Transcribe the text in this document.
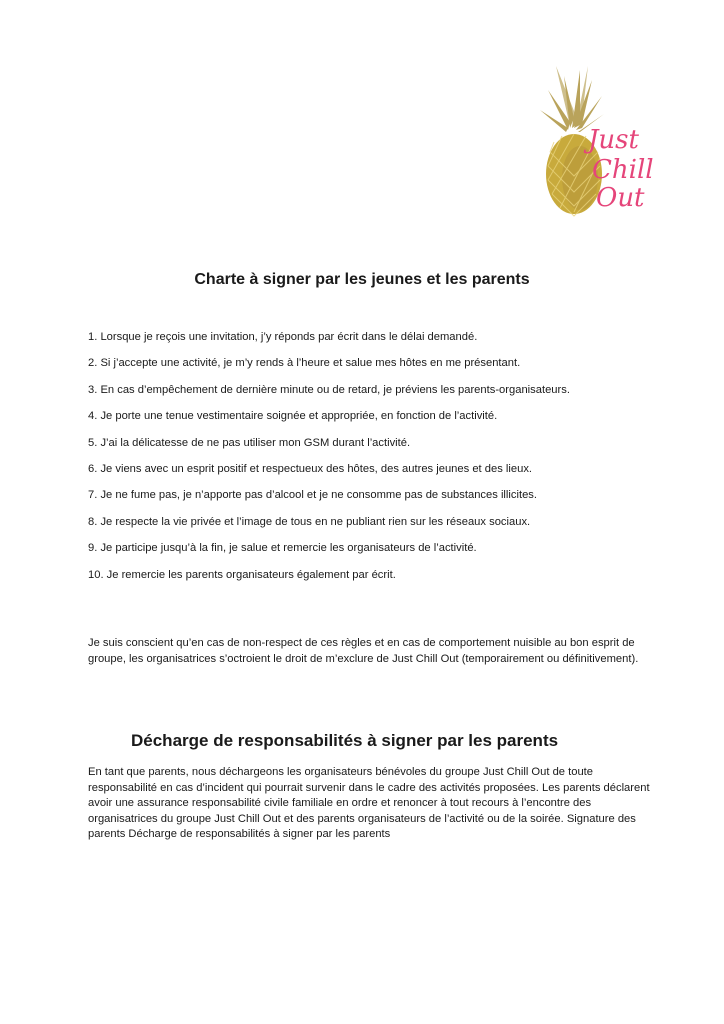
Just
Chill
Out
Charte à signer par les jeunes et les parents
1. Lorsque je reçois une invitation, j’y réponds par écrit dans le délai demandé.
2. Si j’accepte une activité, je m’y rends à l’heure et salue mes hôtes en me présentant.
3. En cas d’empêchement de dernière minute ou de retard, je préviens les parents-organisateurs.
4. Je porte une tenue vestimentaire soignée et appropriée, en fonction de l’activité.
5. J’ai la délicatesse de ne pas utiliser mon GSM durant l’activité.
6. Je viens avec un esprit positif et respectueux des hôtes, des autres jeunes et des lieux.
7. Je ne fume pas, je n’apporte pas d’alcool et je ne consomme pas de substances illicites.
8. Je respecte la vie privée et l’image de tous en ne publiant rien sur les réseaux sociaux.
9. Je participe jusqu’à la fin, je salue et remercie les organisateurs de l’activité.
10. Je remercie les parents organisateurs également par écrit.

Je suis conscient qu’en cas de non-respect de ces règles et en cas de comportement nuisible au bon esprit de groupe, les organisatrices s’octroient le droit de m’exclure de Just Chill Out (temporairement ou définitivement).

Décharge de responsabilités à signer par les parents

En tant que parents, nous déchargeons les organisateurs bénévoles du groupe Just Chill Out de toute responsabilité en cas d’incident qui pourrait survenir dans le cadre des activités proposées. Les parents déclarent avoir une assurance responsabilité civile familiale en ordre et renoncer à tout recours à l’encontre des organisatrices du groupe Just Chill Out et des parents organisateurs de l’activité ou de la soirée. Signature des parents Décharge de responsabilités à signer par les parents
